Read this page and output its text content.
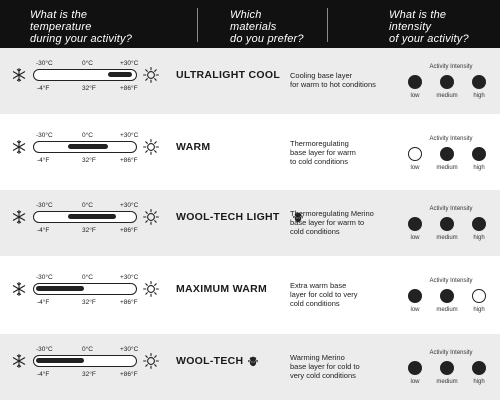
What is the
temperature
during your activity?
Which
materials
do you prefer?
What is the
intensity
of your activity?
-30°C	0°C	+30°C
-4°F	32°F	+86°F
ULTRALIGHT COOL Cooling base layer
for warm to hot conditions
Activity Intensity
low	medium	high
-30°C	0°C	+30°C
-4°F	32°F	+86°F
WARM	Thermoregulating
base layer for warm
to cold conditions
Activity Intensity
low	medium	high
-30°C	0°C	+30°C
-4°F	32°F	+86°F
WOOL-TECH LIGHT Thermoregulating Merino
base layer for warm to
cold conditions
Activity Intensity
low	medium	high
-30°C	0°C	+30°C
-4°F	32°F	+86°F
MAXIMUM WARM	Extra warm base
layer for cold to very
cold conditions
Activity Intensity
low	medium	high
-30°C	0°C	+30°C
-4°F	32°F	+86°F
WOOL-TECH	Warming Merino
base layer for cold to
very cold conditions
Activity Intensity
low	medium	high
